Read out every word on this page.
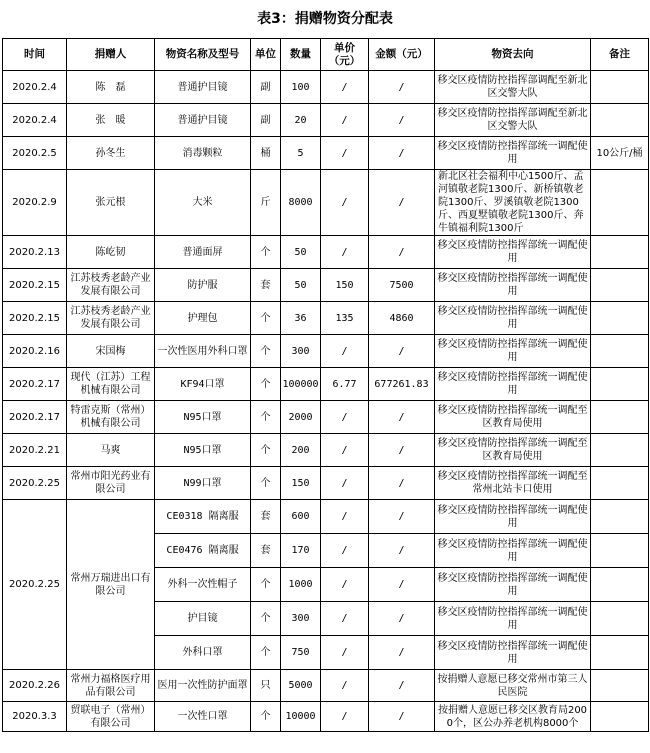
表3：捐赠物资分配表
时间	捐赠人	物资名称及型号	单位	数量	单价（元）	金额（元）	物资去向	备注
2020.2.4	陈　磊	普通护目镜	副	100	/	/	移交区疫情防控指挥部调配至新北区交警大队	
2020.2.4	张　暖	普通护目镜	副	20	/	/	移交区疫情防控指挥部调配至新北区交警大队	
2020.2.5	孙冬生	消毒颗粒	桶	5	/	/	移交区疫情防控指挥部统一调配使用	10公斤/桶
2020.2.9	张元根	大米	斤	8000	/	/	新北区社会福利中心1500斤、孟河镇敬老院1300斤、新桥镇敬老院1300斤、罗溪镇敬老院1300斤、西夏墅镇敬老院1300斤、奔牛镇福利院1300斤	
2020.2.13	陈屹韧	普通面屏	个	50	/	/	移交区疫情防控指挥部统一调配使用	
2020.2.15	江苏枝秀老龄产业发展有限公司	防护服	套	50	150	7500	移交区疫情防控指挥部统一调配使用	
2020.2.15	江苏枝秀老龄产业发展有限公司	护理包	个	36	135	4860	移交区疫情防控指挥部统一调配使用	
2020.2.16	宋国梅	一次性医用外科口罩	个	300	/	/	移交区疫情防控指挥部统一调配使用	
2020.2.17	现代（江苏）工程机械有限公司	KF94口罩	个	100000	6.77	677261.83	移交区疫情防控指挥部统一调配使用	
2020.2.17	特雷克斯（常州）机械有限公司	N95口罩	个	2000	/	/	移交区疫情防控指挥部统一调配至区教育局使用	
2020.2.21	马爽	N95口罩	个	200	/	/	移交区疫情防控指挥部统一调配至区教育局使用	
2020.2.25	常州市阳光药业有限公司	N99口罩	个	150	/	/	移交区疫情防控指挥部统一调配至常州北站卡口使用	
2020.2.25	常州万瑞进出口有限公司	CE0318 隔离服	套	600	/	/	移交区疫情防控指挥部统一调配使用	
		CE0476 隔离服	套	170	/	/	移交区疫情防控指挥部统一调配使用	
		外科一次性帽子	个	1000	/	/	移交区疫情防控指挥部统一调配使用	
		护目镜	个	300	/	/	移交区疫情防控指挥部统一调配使用	
		外科口罩	个	750	/	/	移交区疫情防控指挥部统一调配使用	
2020.2.26	常州力福格医疗用品有限公司	医用一次性防护面罩	只	5000	/	/	按捐赠人意愿已移交常州市第三人民医院	
2020.3.3	贸联电子（常州）有限公司	一次性口罩	个	10000	/	/	按捐赠人意愿已移交区教育局2000个，区公办养老机构8000个	
